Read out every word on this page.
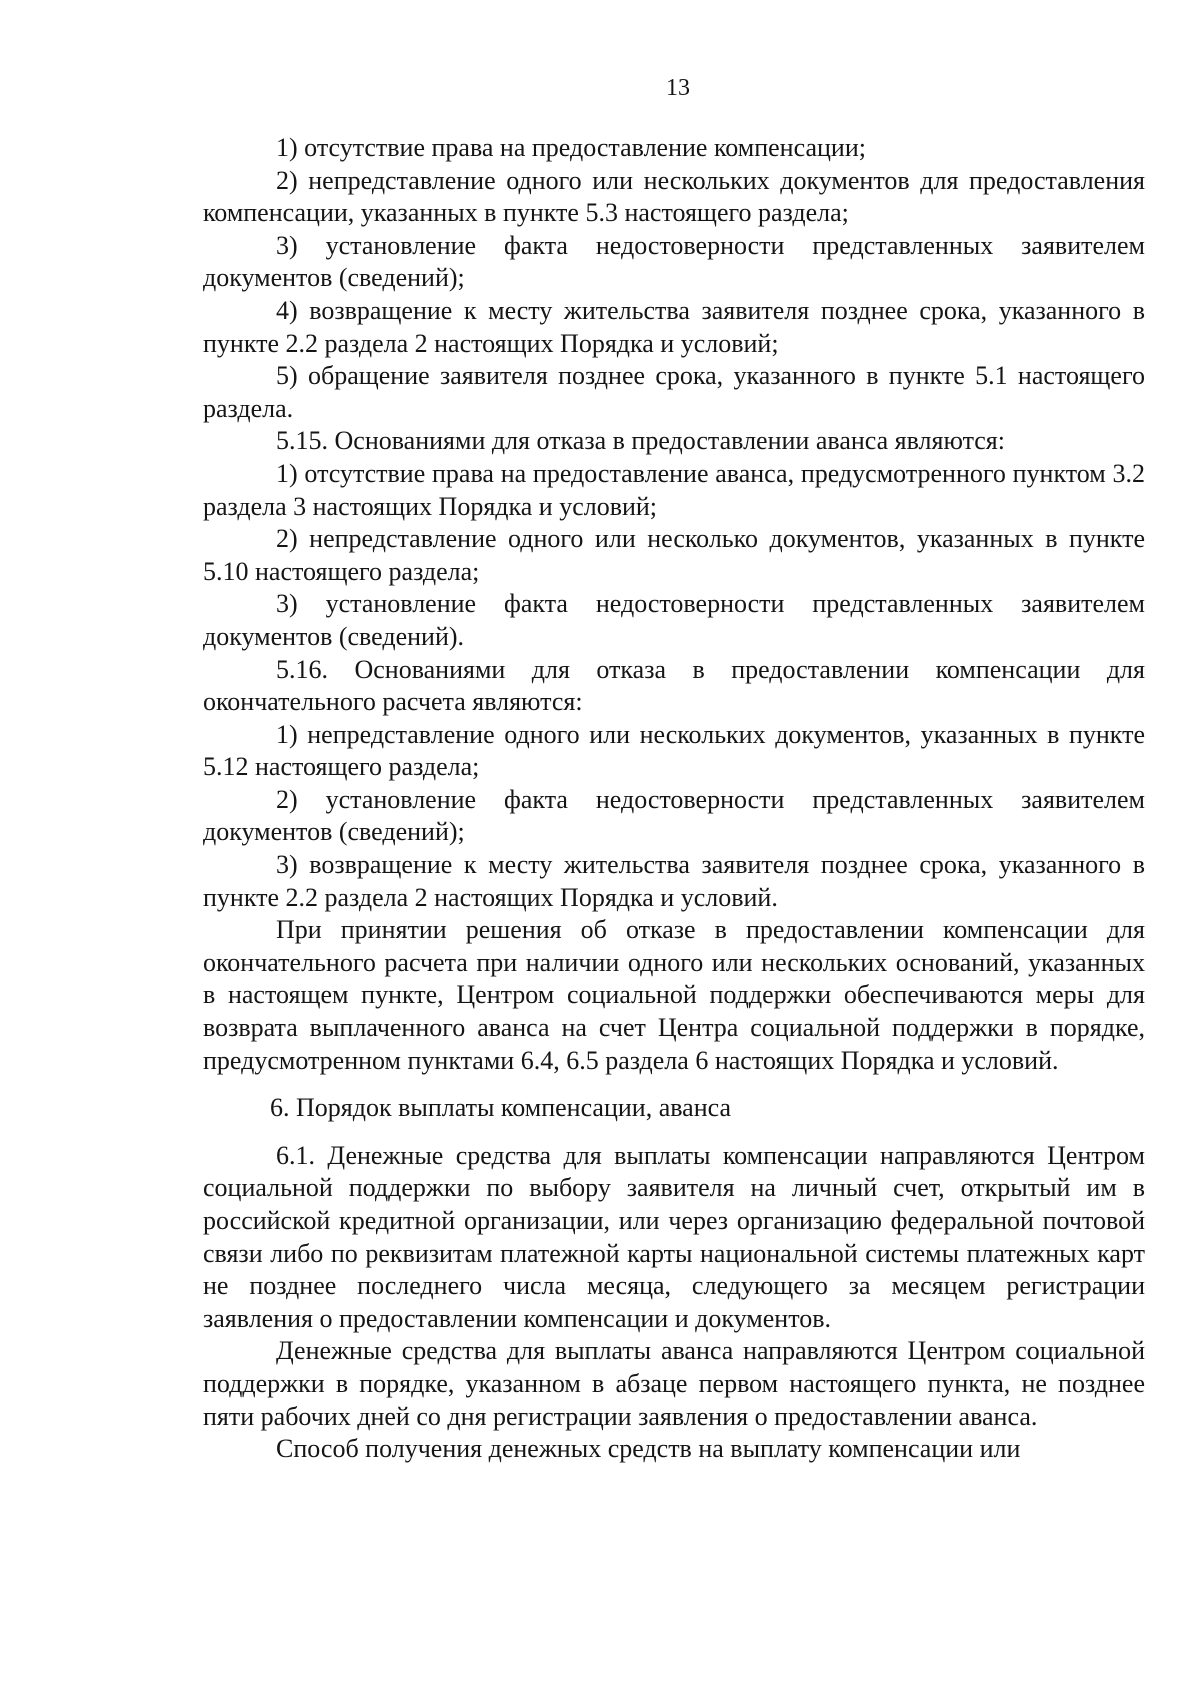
13

1) отсутствие права на предоставление компенсации;

2) непредставление одного или нескольких документов для предоставления компенсации, указанных в пункте 5.3 настоящего раздела;

3) установление факта недостоверности представленных заявителем документов (сведений);

4) возвращение к месту жительства заявителя позднее срока, указанного в пункте 2.2 раздела 2 настоящих Порядка и условий;

5) обращение заявителя позднее срока, указанного в пункте 5.1 настоящего раздела.

5.15. Основаниями для отказа в предоставлении аванса являются:

1) отсутствие права на предоставление аванса, предусмотренного пунктом 3.2 раздела 3 настоящих Порядка и условий;

2) непредставление одного или несколько документов, указанных в пункте 5.10 настоящего раздела;

3) установление факта недостоверности представленных заявителем документов (сведений).

5.16. Основаниями для отказа в предоставлении компенсации для окончательного расчета являются:

1) непредставление одного или нескольких документов, указанных в пункте 5.12 настоящего раздела;

2) установление факта недостоверности представленных заявителем документов (сведений);

3) возвращение к месту жительства заявителя позднее срока, указанного в пункте 2.2 раздела 2 настоящих Порядка и условий.

При принятии решения об отказе в предоставлении компенсации для окончательного расчета при наличии одного или нескольких оснований, указанных в настоящем пункте, Центром социальной поддержки обеспечиваются меры для возврата выплаченного аванса на счет Центра социальной поддержки в порядке, предусмотренном пунктами 6.4, 6.5 раздела 6 настоящих Порядка и условий.

6. Порядок выплаты компенсации, аванса

6.1. Денежные средства для выплаты компенсации направляются Центром социальной поддержки по выбору заявителя на личный счет, открытый им в российской кредитной организации, или через организацию федеральной почтовой связи либо по реквизитам платежной карты национальной системы платежных карт не позднее последнего числа месяца, следующего за месяцем регистрации заявления о предоставлении компенсации и документов.

Денежные средства для выплаты аванса направляются Центром социальной поддержки в порядке, указанном в абзаце первом настоящего пункта, не позднее пяти рабочих дней со дня регистрации заявления о предоставлении аванса.

Способ получения денежных средств на выплату компенсации или
